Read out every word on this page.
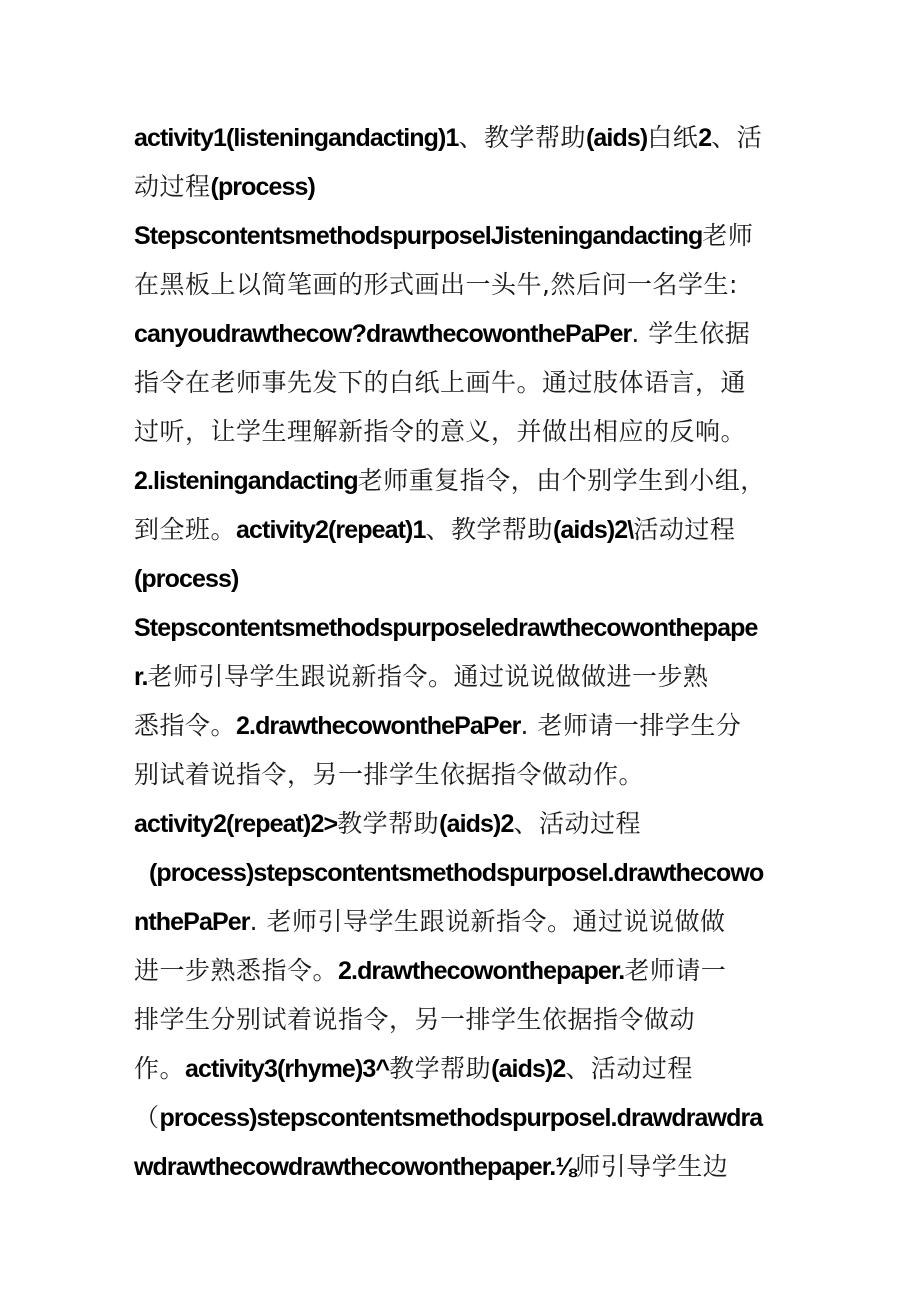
activity1(listeningandacting)1、教学帮助(aids)白纸2、活
动过程(process)
StepscontentsmethodspurposelJisteningandacting老师
在黑板上以简笔画的形式画出一头牛,然后问一名学生:
canyoudrawthecow?drawthecowonthePaPer. 学生依据
指令在老师事先发下的白纸上画牛。通过肢体语言，通
过听，让学生理解新指令的意义，并做出相应的反响。
2.listeningandacting老师重复指令，由个别学生到小组，
到全班。activity2(repeat)1、教学帮助(aids)2\活动过程
(process)
Stepscontentsmethodspurposeledrawthecowonthepape
r.老师引导学生跟说新指令。通过说说做做进一步熟
悉指令。2.drawthecowonthePaPer. 老师请一排学生分
别试着说指令，另一排学生依据指令做动作。
activity2(repeat)2>教学帮助(aids)2、活动过程
(process)stepscontentsmethodspurposel.drawthecowo
nthePaPer. 老师引导学生跟说新指令。通过说说做做
进一步熟悉指令。2.drawthecowonthepaper.老师请一
排学生分别试着说指令，另一排学生依据指令做动
作。activity3(rhyme)3^教学帮助(aids)2、活动过程
（process)stepscontentsmethodspurposel.drawdrawdra
wdrawthecowdrawthecowonthepaper.⅛师引导学生边
